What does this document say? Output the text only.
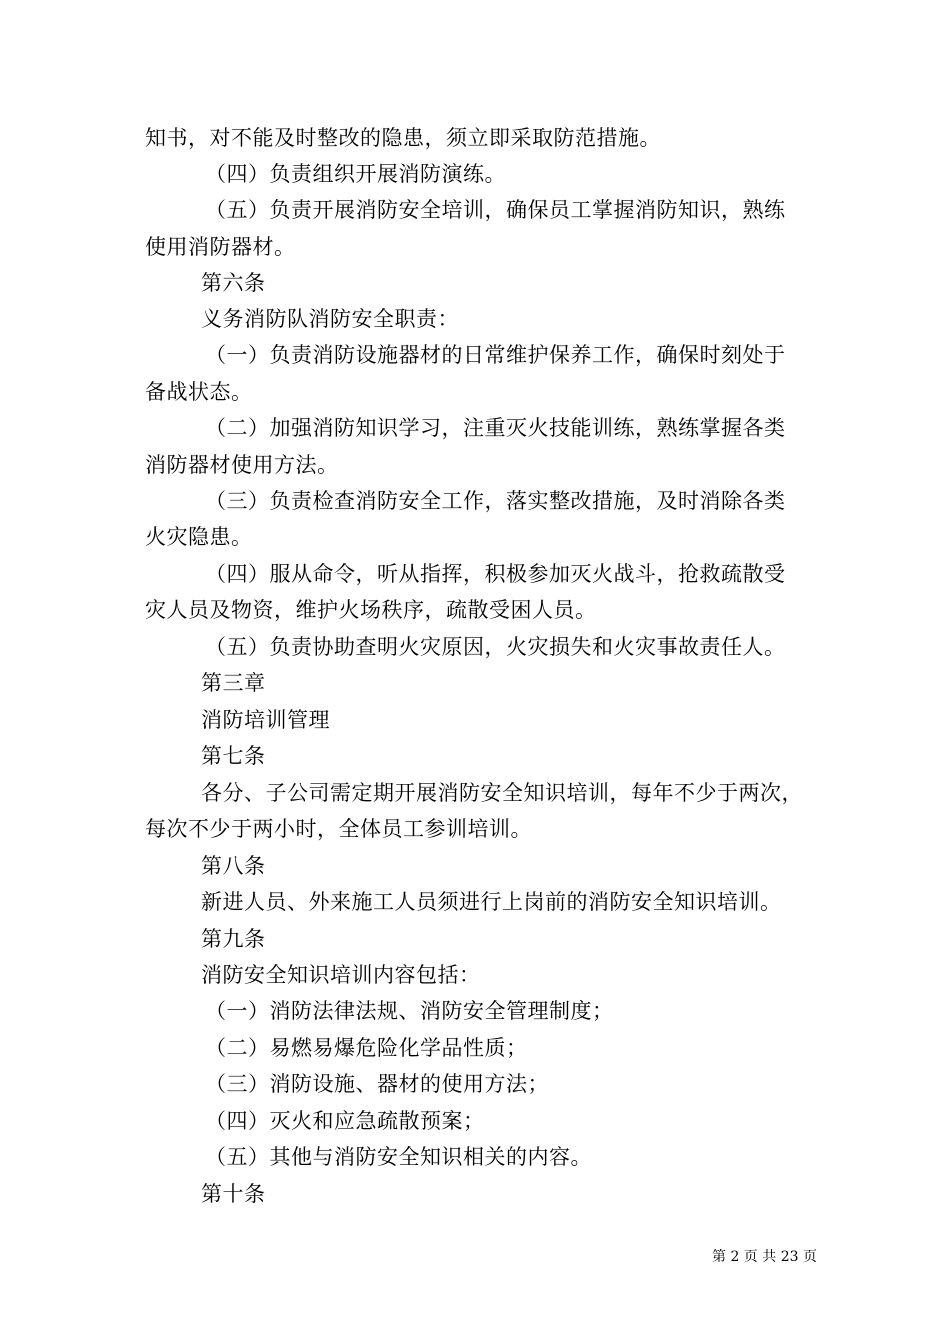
知书，对不能及时整改的隐患，须立即采取防范措施。
（四）负责组织开展消防演练。
（五）负责开展消防安全培训，确保员工掌握消防知识，熟练
使用消防器材。
第六条
义务消防队消防安全职责：
（一）负责消防设施器材的日常维护保养工作，确保时刻处于
备战状态。
（二）加强消防知识学习，注重灭火技能训练，熟练掌握各类
消防器材使用方法。
（三）负责检查消防安全工作，落实整改措施，及时消除各类
火灾隐患。
（四）服从命令，听从指挥，积极参加灭火战斗，抢救疏散受
灾人员及物资，维护火场秩序，疏散受困人员。
（五）负责协助查明火灾原因，火灾损失和火灾事故责任人。
第三章
消防培训管理
第七条
各分、子公司需定期开展消防安全知识培训，每年不少于两次，
每次不少于两小时，全体员工参训培训。
第八条
新进人员、外来施工人员须进行上岗前的消防安全知识培训。
第九条
消防安全知识培训内容包括：
（一）消防法律法规、消防安全管理制度；
（二）易燃易爆危险化学品性质；
（三）消防设施、器材的使用方法；
（四）灭火和应急疏散预案；
（五）其他与消防安全知识相关的内容。
第十条
第 2 页 共 23 页
